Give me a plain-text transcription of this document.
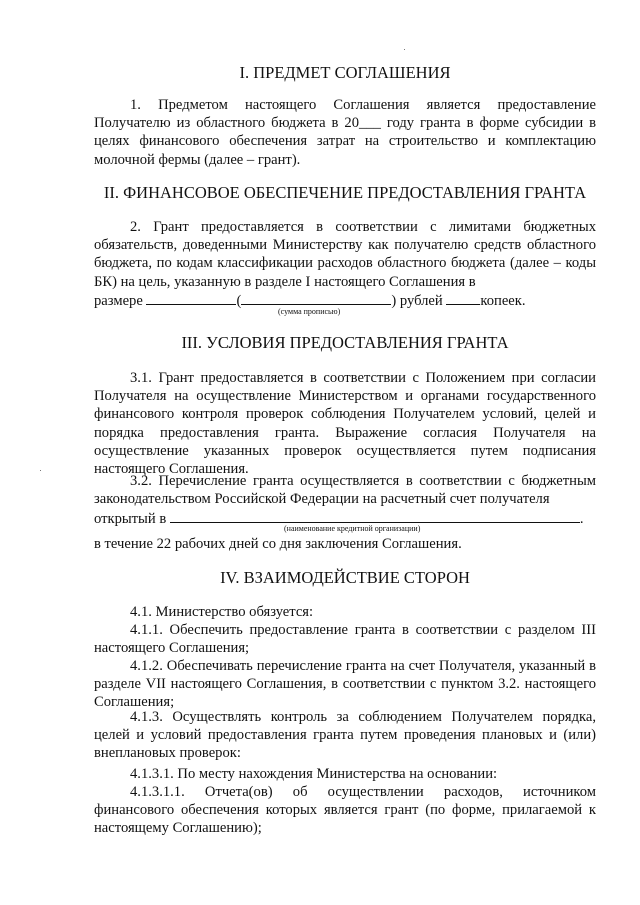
I. ПРЕДМЕТ СОГЛАШЕНИЯ

1. Предметом настоящего Соглашения является предоставление Получателю из областного бюджета в 20___ году гранта в форме субсидии в целях финансового обеспечения затрат на строительство и комплектацию молочной фермы (далее – грант).

II. ФИНАНСОВОЕ ОБЕСПЕЧЕНИЕ ПРЕДОСТАВЛЕНИЯ ГРАНТА

2. Грант предоставляется в соответствии с лимитами бюджетных обязательств, доведенными Министерству как получателю средств областного бюджета, по кодам классификации расходов областного бюджета (далее – коды БК) на цель, указанную в разделе I настоящего Соглашения в

размере	(	) рублей	копеек.
(сумма прописью)
III. УСЛОВИЯ ПРЕДОСТАВЛЕНИЯ ГРАНТА

3.1. Грант предоставляется в соответствии с Положением при согласии Получателя на осуществление Министерством и органами государственного финансового контроля проверок соблюдения Получателем условий, целей и порядка предоставления гранта. Выражение согласия Получателя на осуществление указанных проверок осуществляется путем подписания настоящего Соглашения.

3.2. Перечисление гранта осуществляется в соответствии с бюджетным законодательством Российской Федерации на расчетный счет получателя

открытый в	.
(наименование кредитной организации)

в течение 22 рабочих дней со дня заключения Соглашения.

IV. ВЗАИМОДЕЙСТВИЕ СТОРОН

4.1. Министерство обязуется:

4.1.1. Обеспечить предоставление гранта в соответствии с разделом III настоящего Соглашения;

4.1.2. Обеспечивать перечисление гранта на счет Получателя, указанный в разделе VII настоящего Соглашения, в соответствии с пунктом 3.2. настоящего Соглашения;

4.1.3. Осуществлять контроль за соблюдением Получателем порядка, целей и условий предоставления гранта путем проведения плановых и (или) внеплановых проверок:

4.1.3.1. По месту нахождения Министерства на основании:

4.1.3.1.1. Отчета(ов) об осуществлении расходов, источником финансового обеспечения которых является грант (по форме, прилагаемой к настоящему Соглашению);
